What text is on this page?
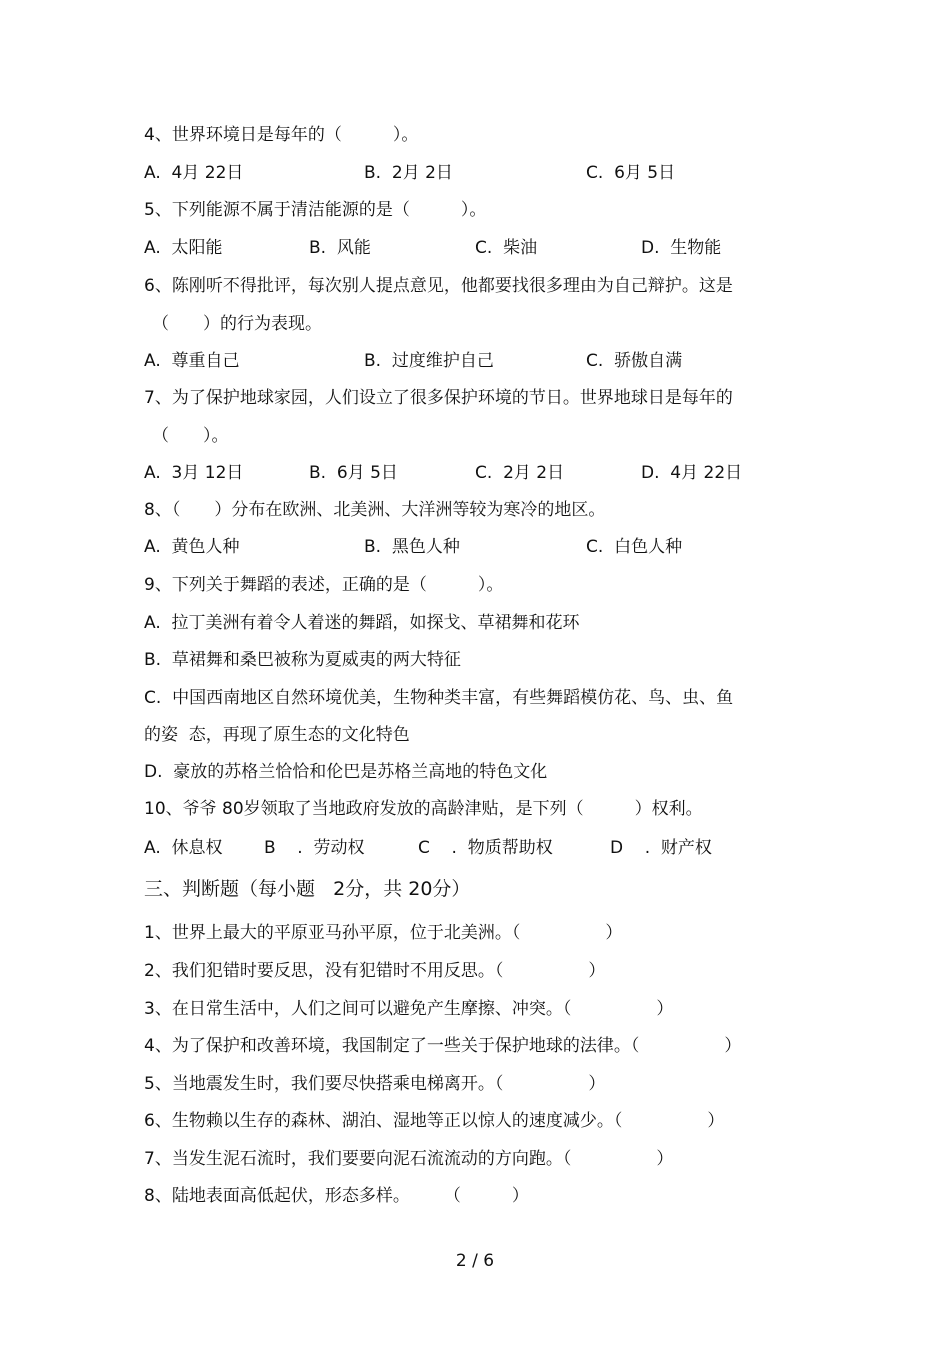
4、世界环境日是每年的（　　　）。
A.  4月 22日	B.  2月 2日	C.  6月 5日
5、下列能源不属于清洁能源的是（　　　）。
A.  太阳能	B.  风能	C.  柴油	D.  生物能
6、陈刚听不得批评，每次别人提点意见，他都要找很多理由为自己辩护。这是
（　　）的行为表现。
A.  尊重自己	B.  过度维护自己	C.  骄傲自满
7、为了保护地球家园，人们设立了很多保护环境的节日。世界地球日是每年的
（　　）。
A.  3月 12日	B.  6月 5日	C.  2月 2日	D.  4月 22日
8、（　　）分布在欧洲、北美洲、大洋洲等较为寒冷的地区。
A.  黄色人种	B.  黑色人种	C.  白色人种
9、下列关于舞蹈的表述，正确的是（　　　）。
A.  拉丁美洲有着令人着迷的舞蹈，如探戈、草裙舞和花环
B.  草裙舞和桑巴被称为夏威夷的两大特征
C.  中国西南地区自然环境优美，生物种类丰富，有些舞蹈模仿花、鸟、虫、鱼
的姿  态，再现了原生态的文化特色
D.  豪放的苏格兰恰恰和伦巴是苏格兰高地的特色文化
10、爷爷 80岁领取了当地政府发放的高龄津贴，是下列（　　　）权利。
A.  休息权 B    .  劳动权	C    .  物质帮助权	D    .  财产权
三、判断题（每小题   2分，共 20分）
1、世界上最大的平原亚马孙平原，位于北美洲。（　　　　　）
2、我们犯错时要反思，没有犯错时不用反思。（　　　　　）
3、在日常生活中，人们之间可以避免产生摩擦、冲突。（　　　　　）
4、为了保护和改善环境，我国制定了一些关于保护地球的法律。（　　　　　）
5、当地震发生时，我们要尽快搭乘电梯离开。（　　　　　）
6、生物赖以生存的森林、湖泊、湿地等正以惊人的速度减少。（　　　　　）
7、当发生泥石流时，我们要要向泥石流流动的方向跑。（　　　　　）
8、陆地表面高低起伏，形态多样。　　　（　　　）
2 / 6
